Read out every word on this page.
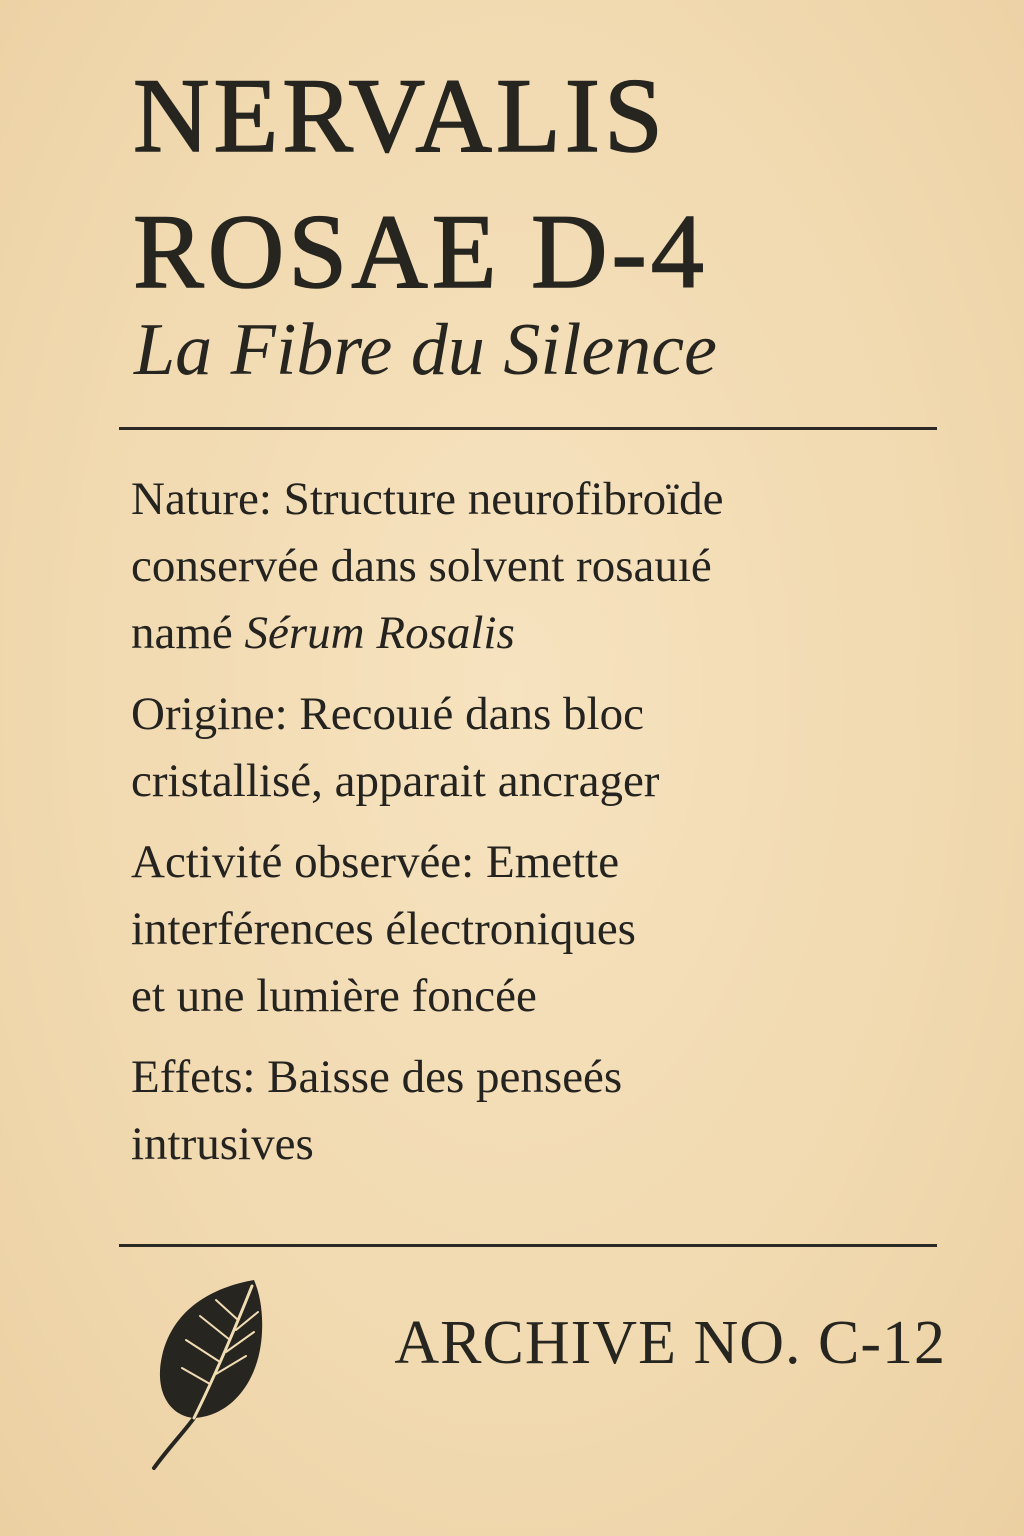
NERVALIS
ROSAE D-4
La Fibre du Silence

Nature: Structure neurofibroïde
conservée dans solvent rosauıé
namé Sérum Rosalis

Origine: Recouıé dans bloc
cristallisé, apparait ancrager

Activité observée: Emette
interférences électroniques
et une lumière foncée

Effets: Baisse des penseés
intrusives

ARCHIVE NO. C-12
